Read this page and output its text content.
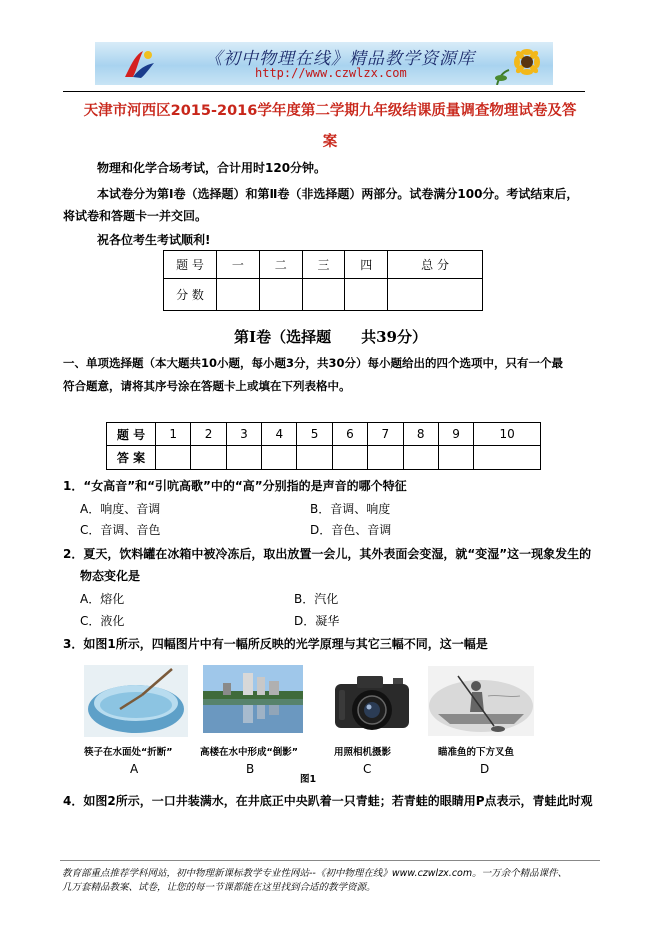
《初中物理在线》精品教学资源库
http://www.czwlzx.com
天津市河西区2015-2016学年度第二学期九年级结课质量调查物理试卷及答
案
物理和化学合场考试，合计用时120分钟。
本试卷分为第Ⅰ卷（选择题）和第Ⅱ卷（非选择题）两部分。试卷满分100分。考试结束后，
将试卷和答题卡一并交回。
祝各位考生考试顺利!
题 号	一	二	三	四	总 分
分 数					
第Ⅰ卷（选择题　　共39分）
一、单项选择题（本大题共10小题，每小题3分，共30分）每小题给出的四个选项中，只有一个最
符合题意，请将其序号涂在答题卡上或填在下列表格中。
题 号	1	2	3	4	5	6	7	8	9	10
答 案										
1．“女高音”和“引吭高歌”中的“高”分别指的是声音的哪个特征
A．响度、音调	B．音调、响度
C．音调、音色	D．音色、音调
2．夏天，饮料罐在冰箱中被冷冻后，取出放置一会儿，其外表面会变湿，就“变湿”这一现象发生的
物态变化是
A．熔化	B．汽化
C．液化	D．凝华
3．如图1所示，四幅图片中有一幅所反映的光学原理与其它三幅不同，这一幅是
筷子在水面处“折断”	高楼在水中形成“倒影”	用照相机摄影	瞄准鱼的下方叉鱼
A	B	C	D
图1
4．如图2所示，一口井装满水，在井底正中央趴着一只青蛙；若青蛙的眼睛用P点表示，青蛙此时观
教育部重点推荐学科网站，初中物理新课标教学专业性网站--《初中物理在线》www.czwlzx.com。一万余个精品课件、
几万套精品教案、试卷，让您的每一节课都能在这里找到合适的教学资源。
